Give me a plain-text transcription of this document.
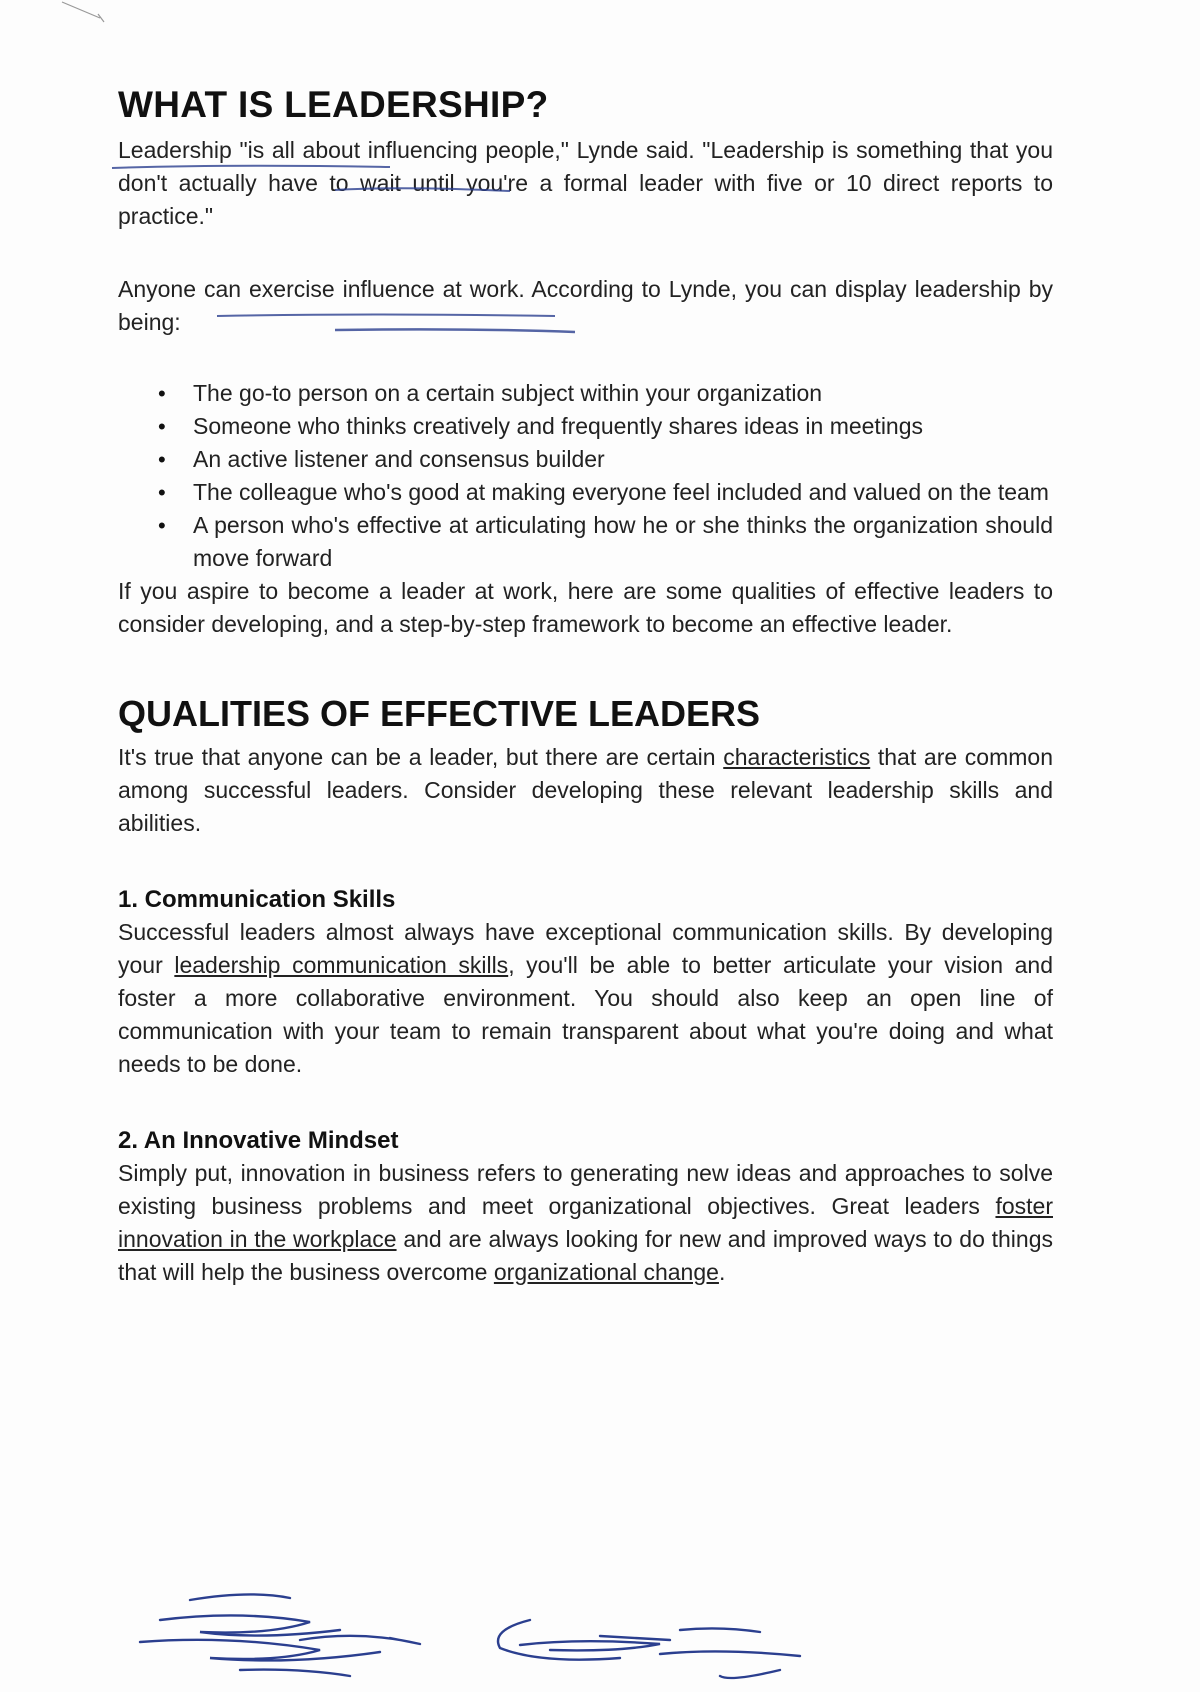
WHAT IS LEADERSHIP?

Leadership "is all about influencing people," Lynde said. "Leadership is something that you don't actually have to wait until you're a formal leader with five or 10 direct reports to practice."

Anyone can exercise influence at work. According to Lynde, you can display leadership by being:

• The go-to person on a certain subject within your organization
• Someone who thinks creatively and frequently shares ideas in meetings
• An active listener and consensus builder
• The colleague who's good at making everyone feel included and valued on the team
• A person who's effective at articulating how he or she thinks the organization should move forward

If you aspire to become a leader at work, here are some qualities of effective leaders to consider developing, and a step-by-step framework to become an effective leader.

QUALITIES OF EFFECTIVE LEADERS

It's true that anyone can be a leader, but there are certain characteristics that are common among successful leaders. Consider developing these relevant leadership skills and abilities.

1. Communication Skills

Successful leaders almost always have exceptional communication skills. By developing your leadership communication skills, you'll be able to better articulate your vision and foster a more collaborative environment. You should also keep an open line of communication with your team to remain transparent about what you're doing and what needs to be done.

2. An Innovative Mindset

Simply put, innovation in business refers to generating new ideas and approaches to solve existing business problems and meet organizational objectives. Great leaders foster innovation in the workplace and are always looking for new and improved ways to do things that will help the business overcome organizational change.
